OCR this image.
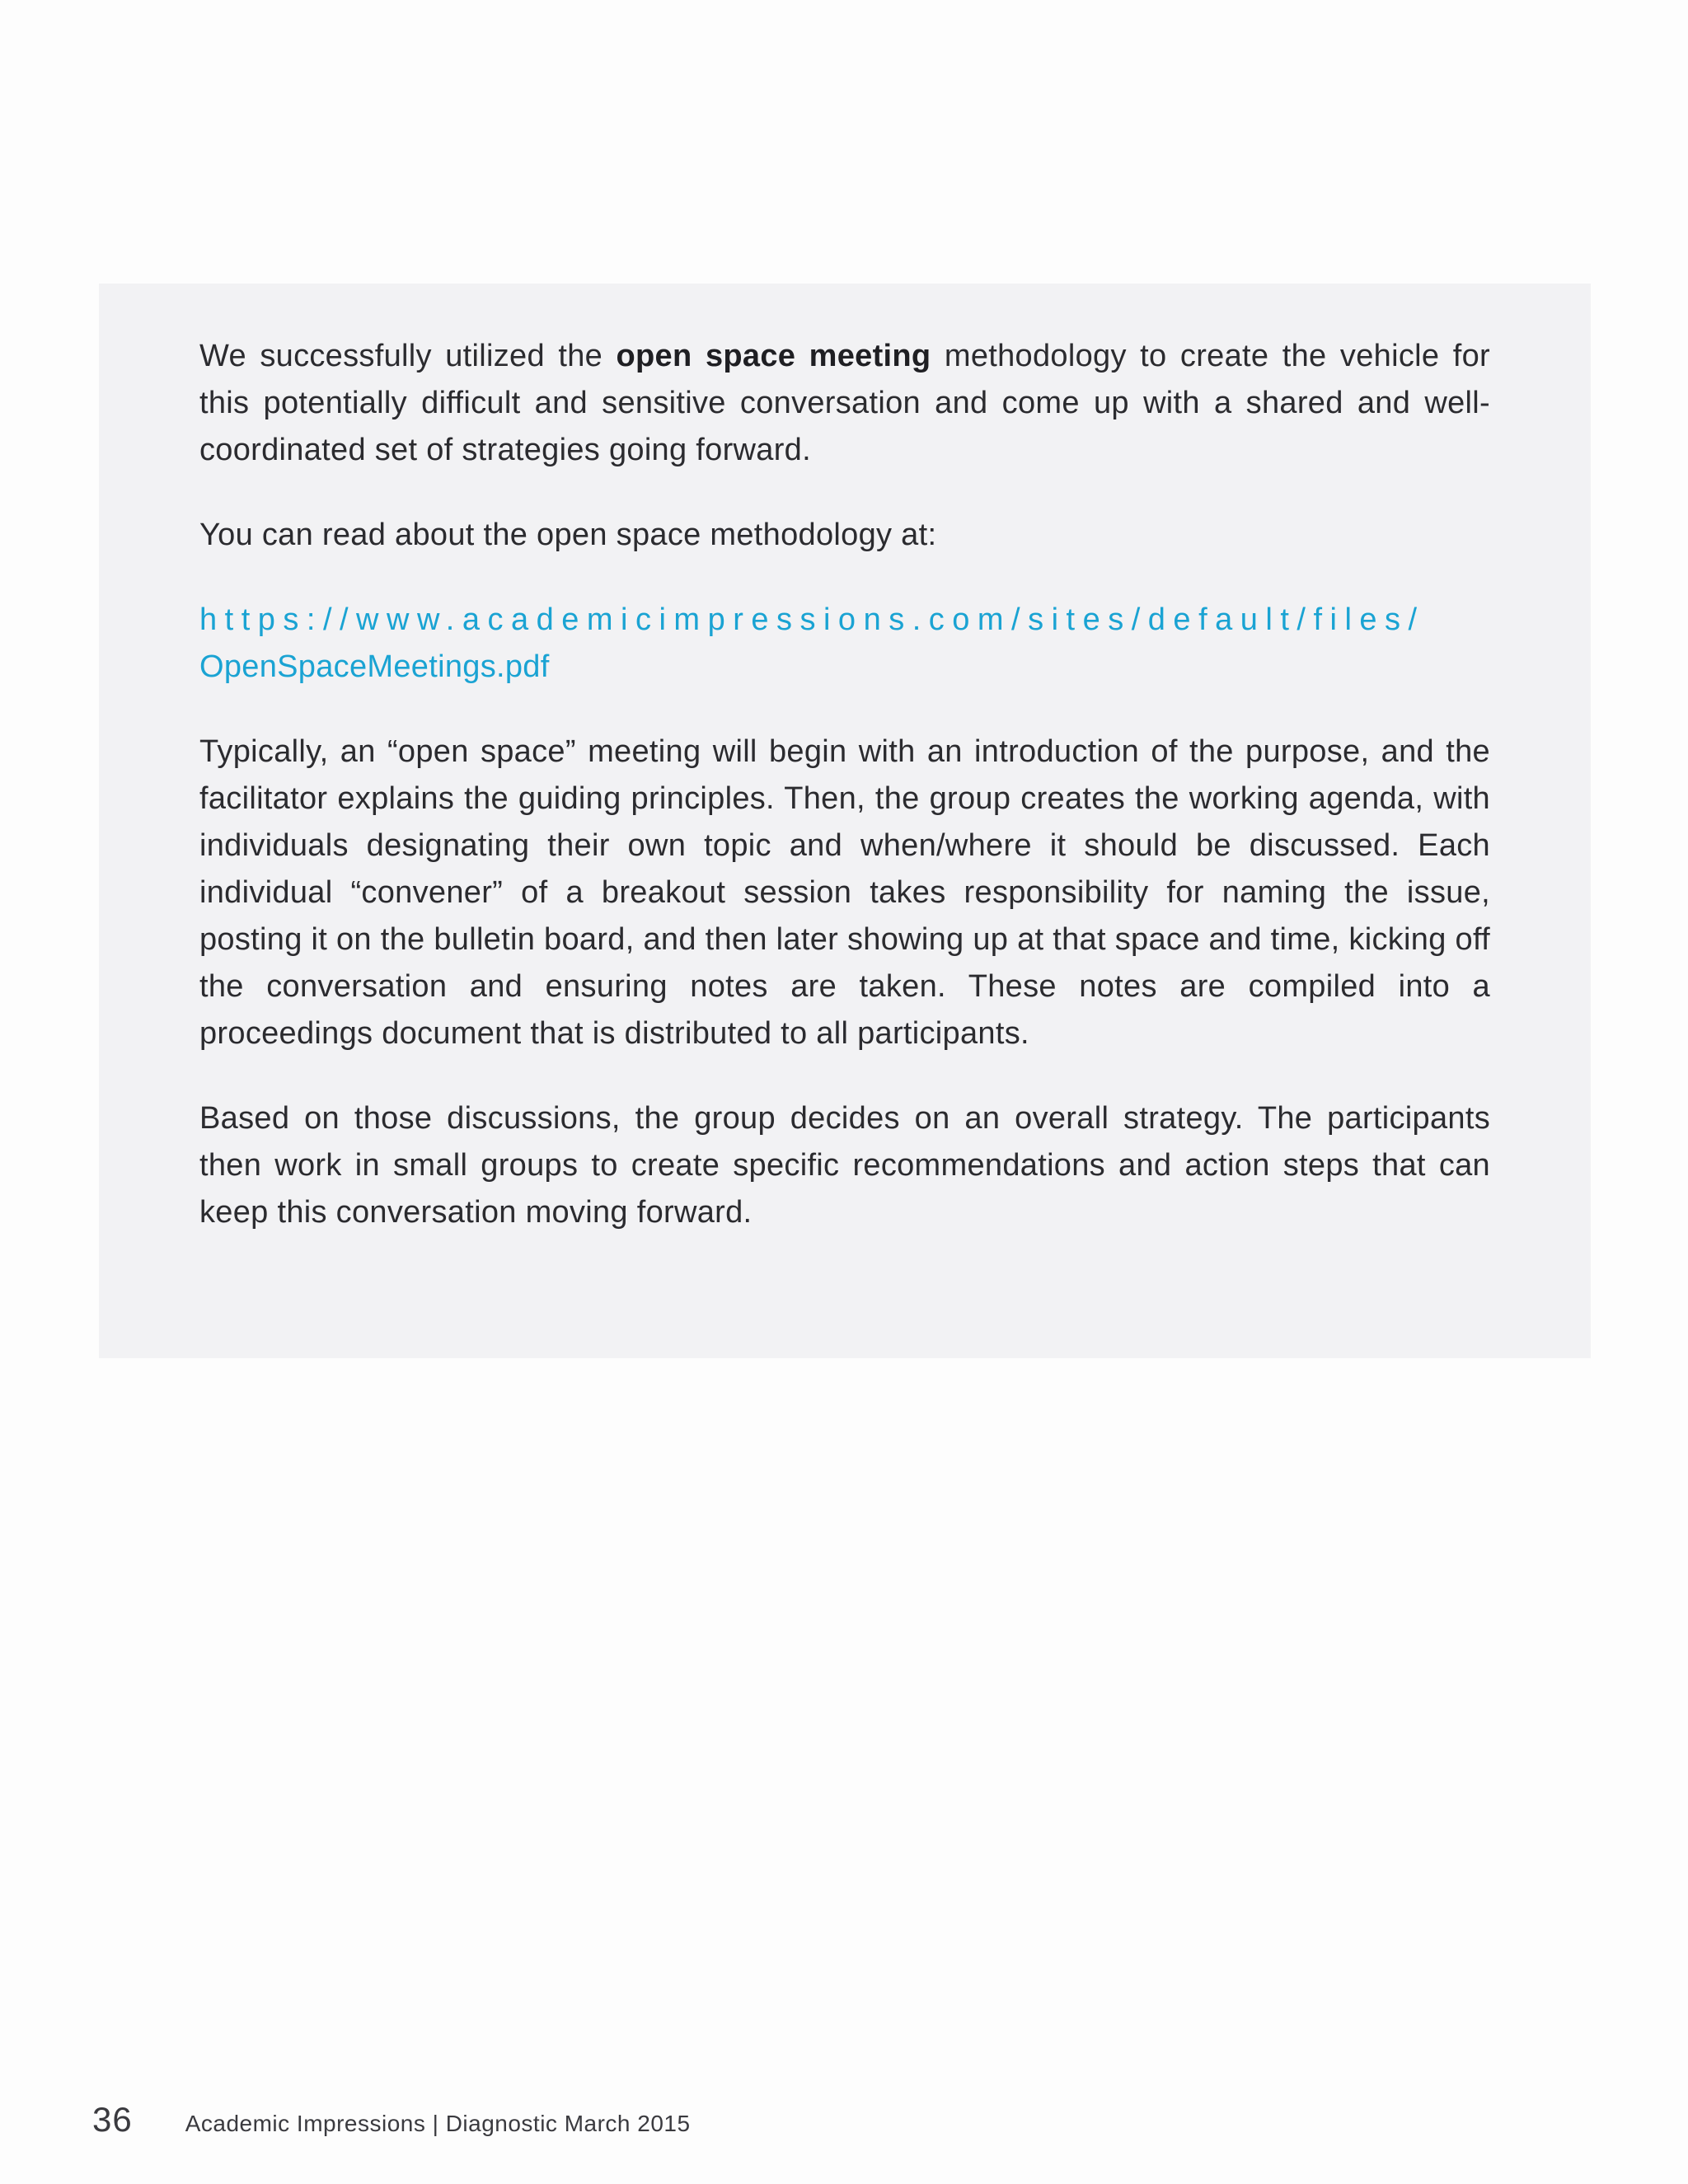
We successfully utilized the open space meeting methodology to create the vehicle for this potentially difficult and sensitive conversation and come up with a shared and well-coordinated set of strategies going forward.

You can read about the open space methodology at:

https://www.academicimpressions.com/sites/default/files/
OpenSpaceMeetings.pdf

Typically, an “open space” meeting will begin with an introduction of the purpose, and the facilitator explains the guiding principles. Then, the group creates the working agenda, with individuals designating their own topic and when/where it should be discussed. Each individual “convener” of a breakout session takes responsibility for naming the issue, posting it on the bulletin board, and then later showing up at that space and time, kicking off the conversation and ensuring notes are taken. These notes are compiled into a proceedings document that is distributed to all participants.

Based on those discussions, the group decides on an overall strategy. The participants then work in small groups to create specific recommendations and action steps that can keep this conversation moving forward.

36 Academic Impressions | Diagnostic March 2015
